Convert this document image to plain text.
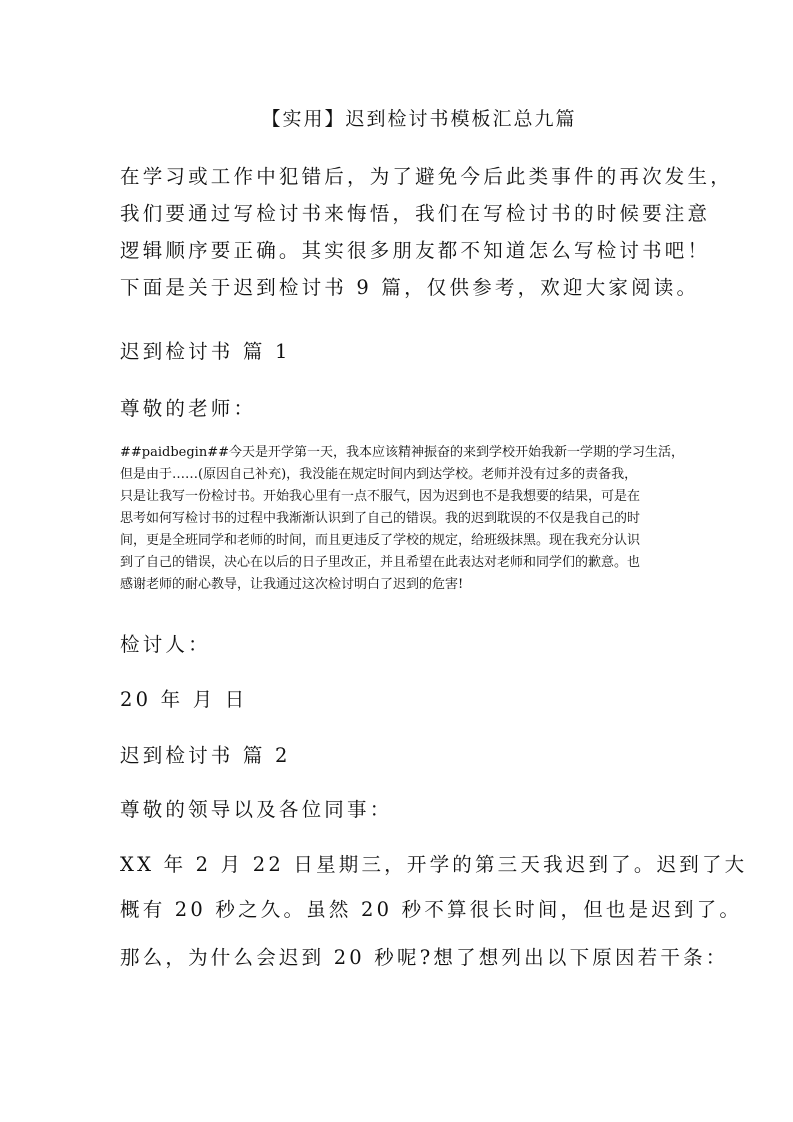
【实用】迟到检讨书模板汇总九篇
在学习或工作中犯错后，为了避免今后此类事件的再次发生，
我们要通过写检讨书来悔悟，我们在写检讨书的时候要注意
逻辑顺序要正确。其实很多朋友都不知道怎么写检讨书吧！
下面是关于迟到检讨书 9 篇，仅供参考，欢迎大家阅读。
迟到检讨书 篇 1
尊敬的老师：
##paidbegin##今天是开学第一天，我本应该精神振奋的来到学校开始我新一学期的学习生活，
但是由于……(原因自己补充)，我没能在规定时间内到达学校。老师并没有过多的责备我，
只是让我写一份检讨书。开始我心里有一点不服气，因为迟到也不是我想要的结果，可是在
思考如何写检讨书的过程中我渐渐认识到了自己的错误。我的迟到耽误的不仅是我自己的时
间，更是全班同学和老师的时间，而且更违反了学校的规定，给班级抹黑。现在我充分认识
到了自己的错误，决心在以后的日子里改正，并且希望在此表达对老师和同学们的歉意。也
感谢老师的耐心教导，让我通过这次检讨明白了迟到的危害!
检讨人：
20 年 月 日
迟到检讨书 篇 2
尊敬的领导以及各位同事：
XX 年 2 月 22 日星期三，开学的第三天我迟到了。迟到了大
概有 20 秒之久。虽然 20 秒不算很长时间，但也是迟到了。
那么，为什么会迟到 20 秒呢?想了想列出以下原因若干条：
